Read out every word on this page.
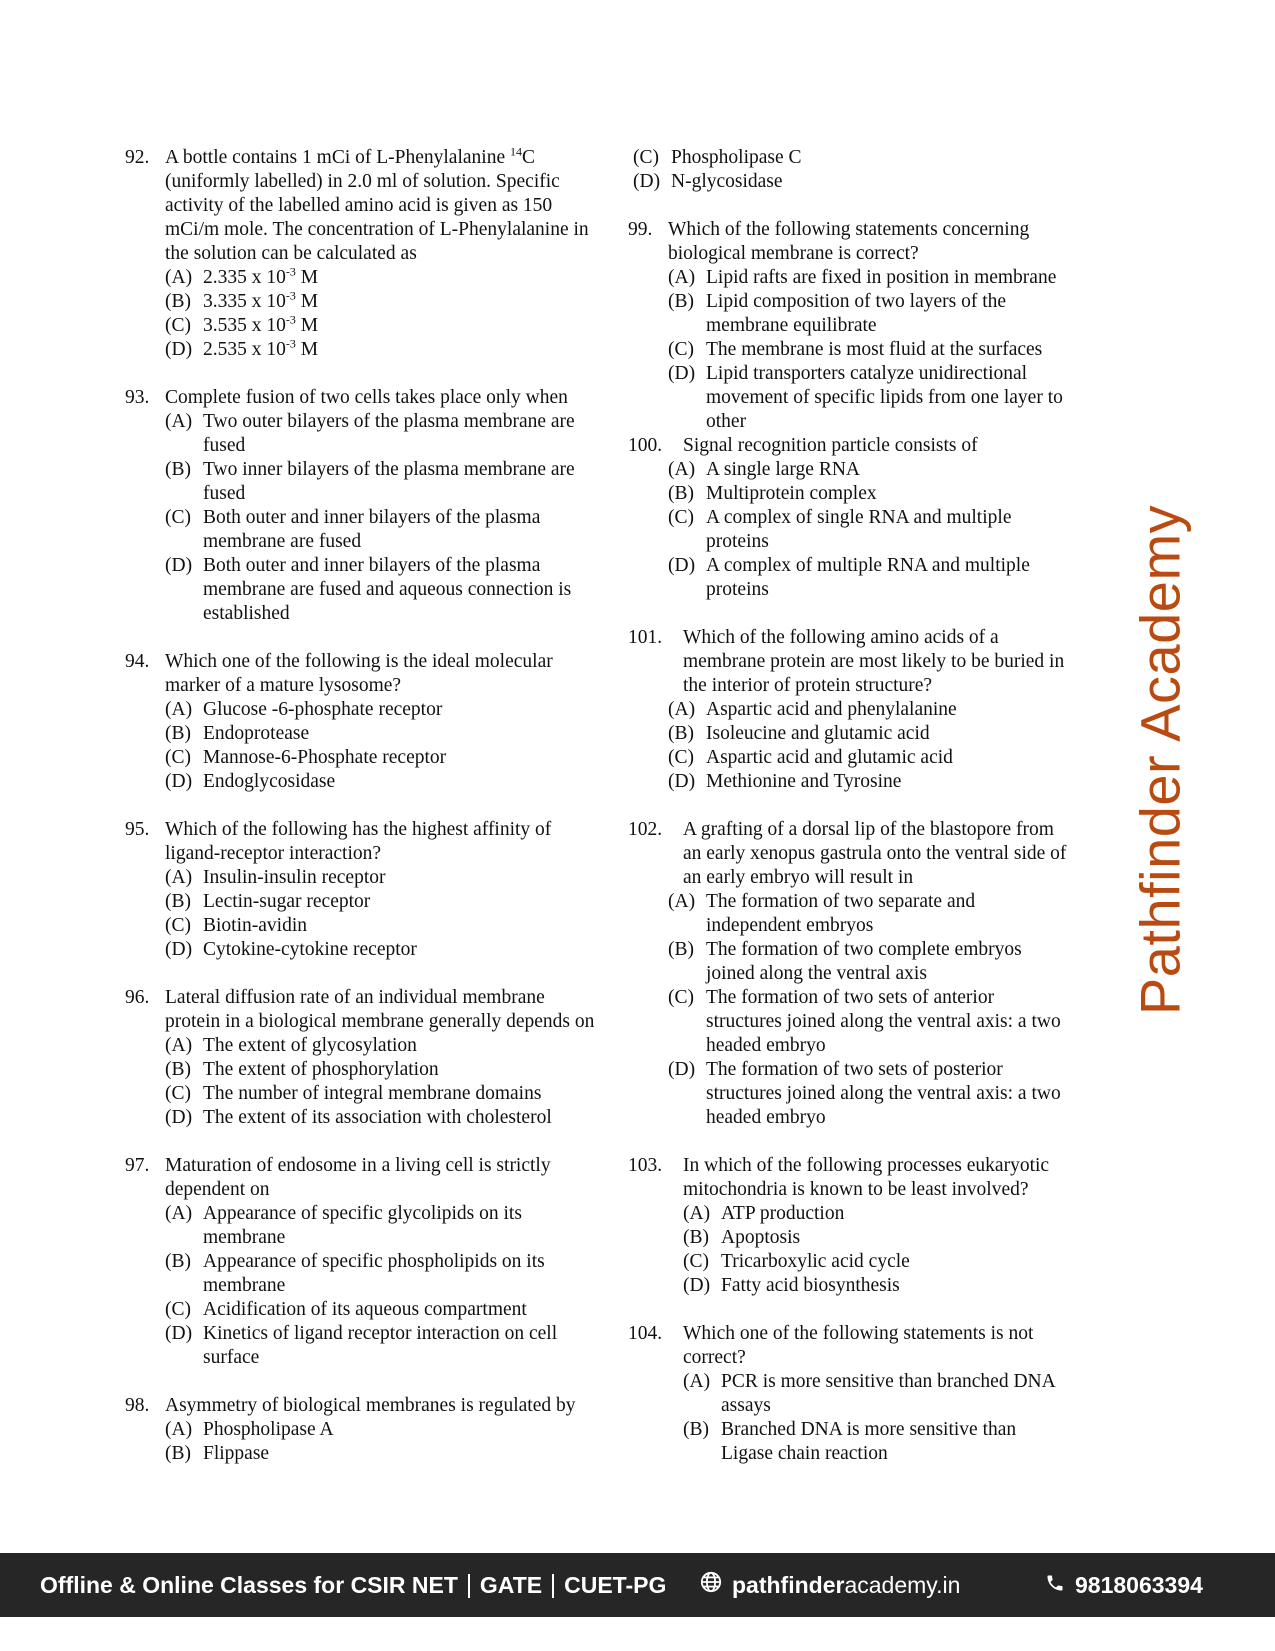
92. A bottle contains 1 mCi of L-Phenylalanine $^{14}$C (uniformly labelled) in 2.0 ml of solution. Specific activity of the labelled amino acid is given as 150 mCi/m mole. The concentration of L-Phenylalanine in the solution can be calculated as
(A) 2.335 x $10^{-3}$ M
(B) 3.335 x $10^{-3}$ M
(C) 3.535 x $10^{-3}$ M
(D) 2.535 x $10^{-3}$ M
93. Complete fusion of two cells takes place only when
(A) Two outer bilayers of the plasma membrane are fused
(B) Two inner bilayers of the plasma membrane are fused
(C) Both outer and inner bilayers of the plasma membrane are fused
(D) Both outer and inner bilayers of the plasma membrane are fused and aqueous connection is established
94. Which one of the following is the ideal molecular marker of a mature lysosome?
(A) Glucose -6-phosphate receptor
(B) Endoprotease
(C) Mannose-6-Phosphate receptor
(D) Endoglycosidase
95. Which of the following has the highest affinity of ligand-receptor interaction?
(A) Insulin-insulin receptor
(B) Lectin-sugar receptor
(C) Biotin-avidin
(D) Cytokine-cytokine receptor
96. Lateral diffusion rate of an individual membrane protein in a biological membrane generally depends on
(A) The extent of glycosylation
(B) The extent of phosphorylation
(C) The number of integral membrane domains
(D) The extent of its association with cholesterol
97. Maturation of endosome in a living cell is strictly dependent on
(A) Appearance of specific glycolipids on its membrane
(B) Appearance of specific phospholipids on its membrane
(C) Acidification of its aqueous compartment
(D) Kinetics of ligand receptor interaction on cell surface
98. Asymmetry of biological membranes is regulated by
(A) Phospholipase A
(B) Flippase
(C) Phospholipase C
(D) N-glycosidase
99. Which of the following statements concerning biological membrane is correct?
(A) Lipid rafts are fixed in position in membrane
(B) Lipid composition of two layers of the membrane equilibrate
(C) The membrane is most fluid at the surfaces
(D) Lipid transporters catalyze unidirectional movement of specific lipids from one layer to other
100.	Signal recognition particle consists of
(A) A single large RNA
(B) Multiprotein complex
(C) A complex of single RNA and multiple proteins
(D) A complex of multiple RNA and multiple proteins
101.	Which of the following amino acids of a membrane protein are most likely to be buried in the interior of protein structure?
(A) Aspartic acid and phenylalanine
(B) Isoleucine and glutamic acid
(C) Aspartic acid and glutamic acid
(D) Methionine and Tyrosine
102.	A grafting of a dorsal lip of the blastopore from an early xenopus gastrula onto the ventral side of an early embryo will result in
(A) The formation of two separate and independent embryos
(B) The formation of two complete embryos joined along the ventral axis
(C) The formation of two sets of anterior structures joined along the ventral axis: a two headed embryo
(D) The formation of two sets of posterior structures joined along the ventral axis: a two headed embryo
103.	In which of the following processes eukaryotic mitochondria is known to be least involved?
(A) ATP production
(B) Apoptosis
(C) Tricarboxylic acid cycle
(D) Fatty acid biosynthesis
104.	Which one of the following statements is not correct?
(A) PCR is more sensitive than branched DNA assays
(B) Branched DNA is more sensitive than Ligase chain reaction
Pathfinder Academy
Offline & Online Classes for CSIR NET GATE CUET-PG	pathfinder academy.in	9818063394
